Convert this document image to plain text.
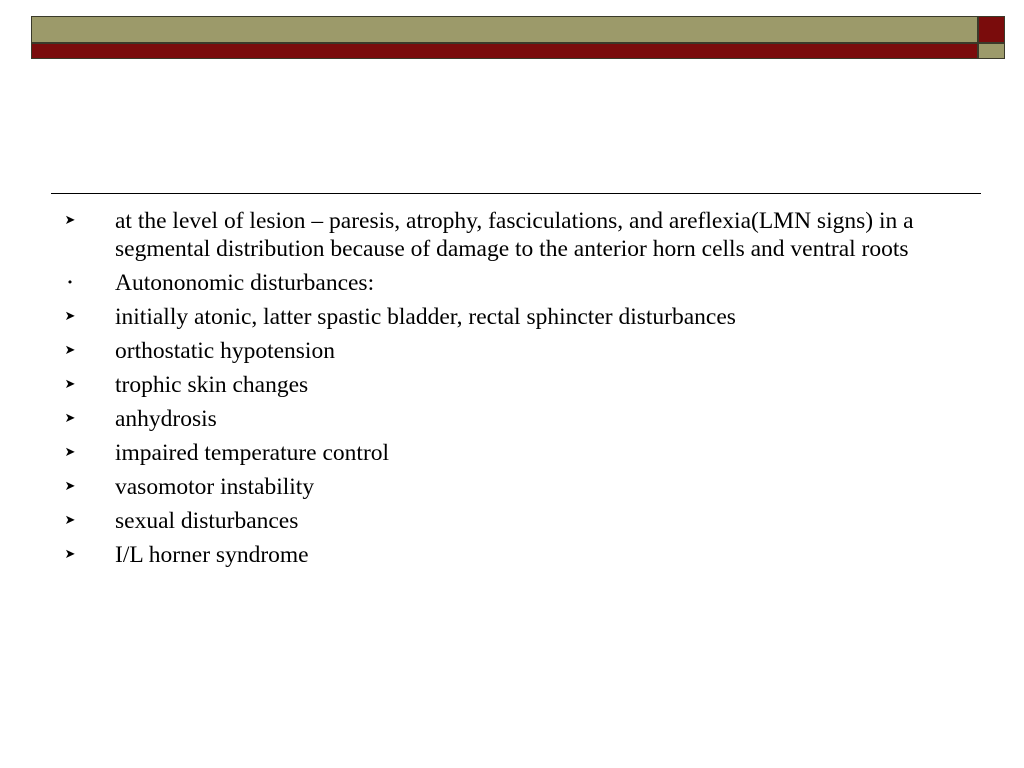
➤ at the level of lesion – paresis, atrophy, fasciculations, and areflexia(LMN signs) in a segmental distribution because of damage to the anterior horn cells and ventral roots
• Autononomic disturbances:
➤ initially atonic, latter spastic bladder, rectal sphincter disturbances
➤ orthostatic hypotension
➤ trophic skin changes
➤ anhydrosis
➤ impaired temperature control
➤ vasomotor instability
➤ sexual disturbances
➤ I/L horner syndrome
